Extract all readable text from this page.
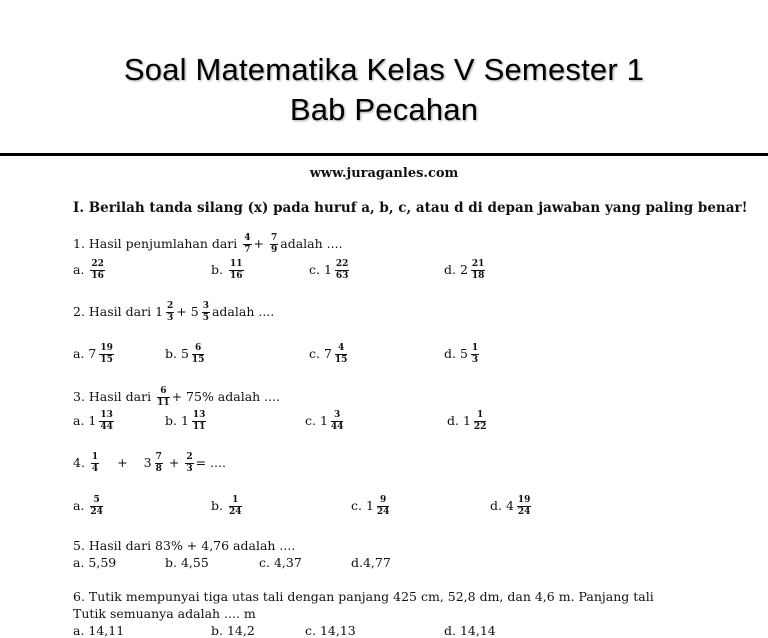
Soal Matematika Kelas V Semester 1
Bab Pecahan
www.juraganles.com
I. Berilah tanda silang (x) pada huruf a, b, c, atau d di depan jawaban yang paling benar!
1. Hasil penjumlahan dari $\frac{4}{7} + \frac{7}{9}$ adalah ....
a. $\frac{22}{16}$	b. $\frac{11}{16}$	c. $1 \frac{22}{63}$	d. $2 \frac{21}{18}$
2. Hasil dari $1 \frac{2}{3} + 5 \frac{3}{5}$ adalah ....
a. $7 \frac{19}{15}$	b. $5 \frac{6}{15}$	c. $7 \frac{4}{15}$	d. $5 \frac{1}{3}$
3. Hasil dari $\frac{6}{11} + 75\%$ adalah ....
a. $1 \frac{13}{44}$	b. $1 \frac{13}{11}$	c. $1 \frac{3}{44}$	d. $1 \frac{1}{22}$
4. $\frac{1}{4} + 3 \frac{7}{8} + \frac{2}{3}$ = ....
a. $\frac{5}{24}$	b. $\frac{1}{24}$	c. $1 \frac{9}{24}$	d. $4 \frac{19}{24}$
5. Hasil dari 83% + 4,76 adalah ....
a. 5,59	b. 4,55	c. 4,37	d.4,77
6. Tutik mempunyai tiga utas tali dengan panjang 425 cm, 52,8 dm, dan 4,6 m. Panjang tali
Tutik semuanya adalah .... m
a. 14,11	b. 14,2	c. 14,13	d. 14,14
